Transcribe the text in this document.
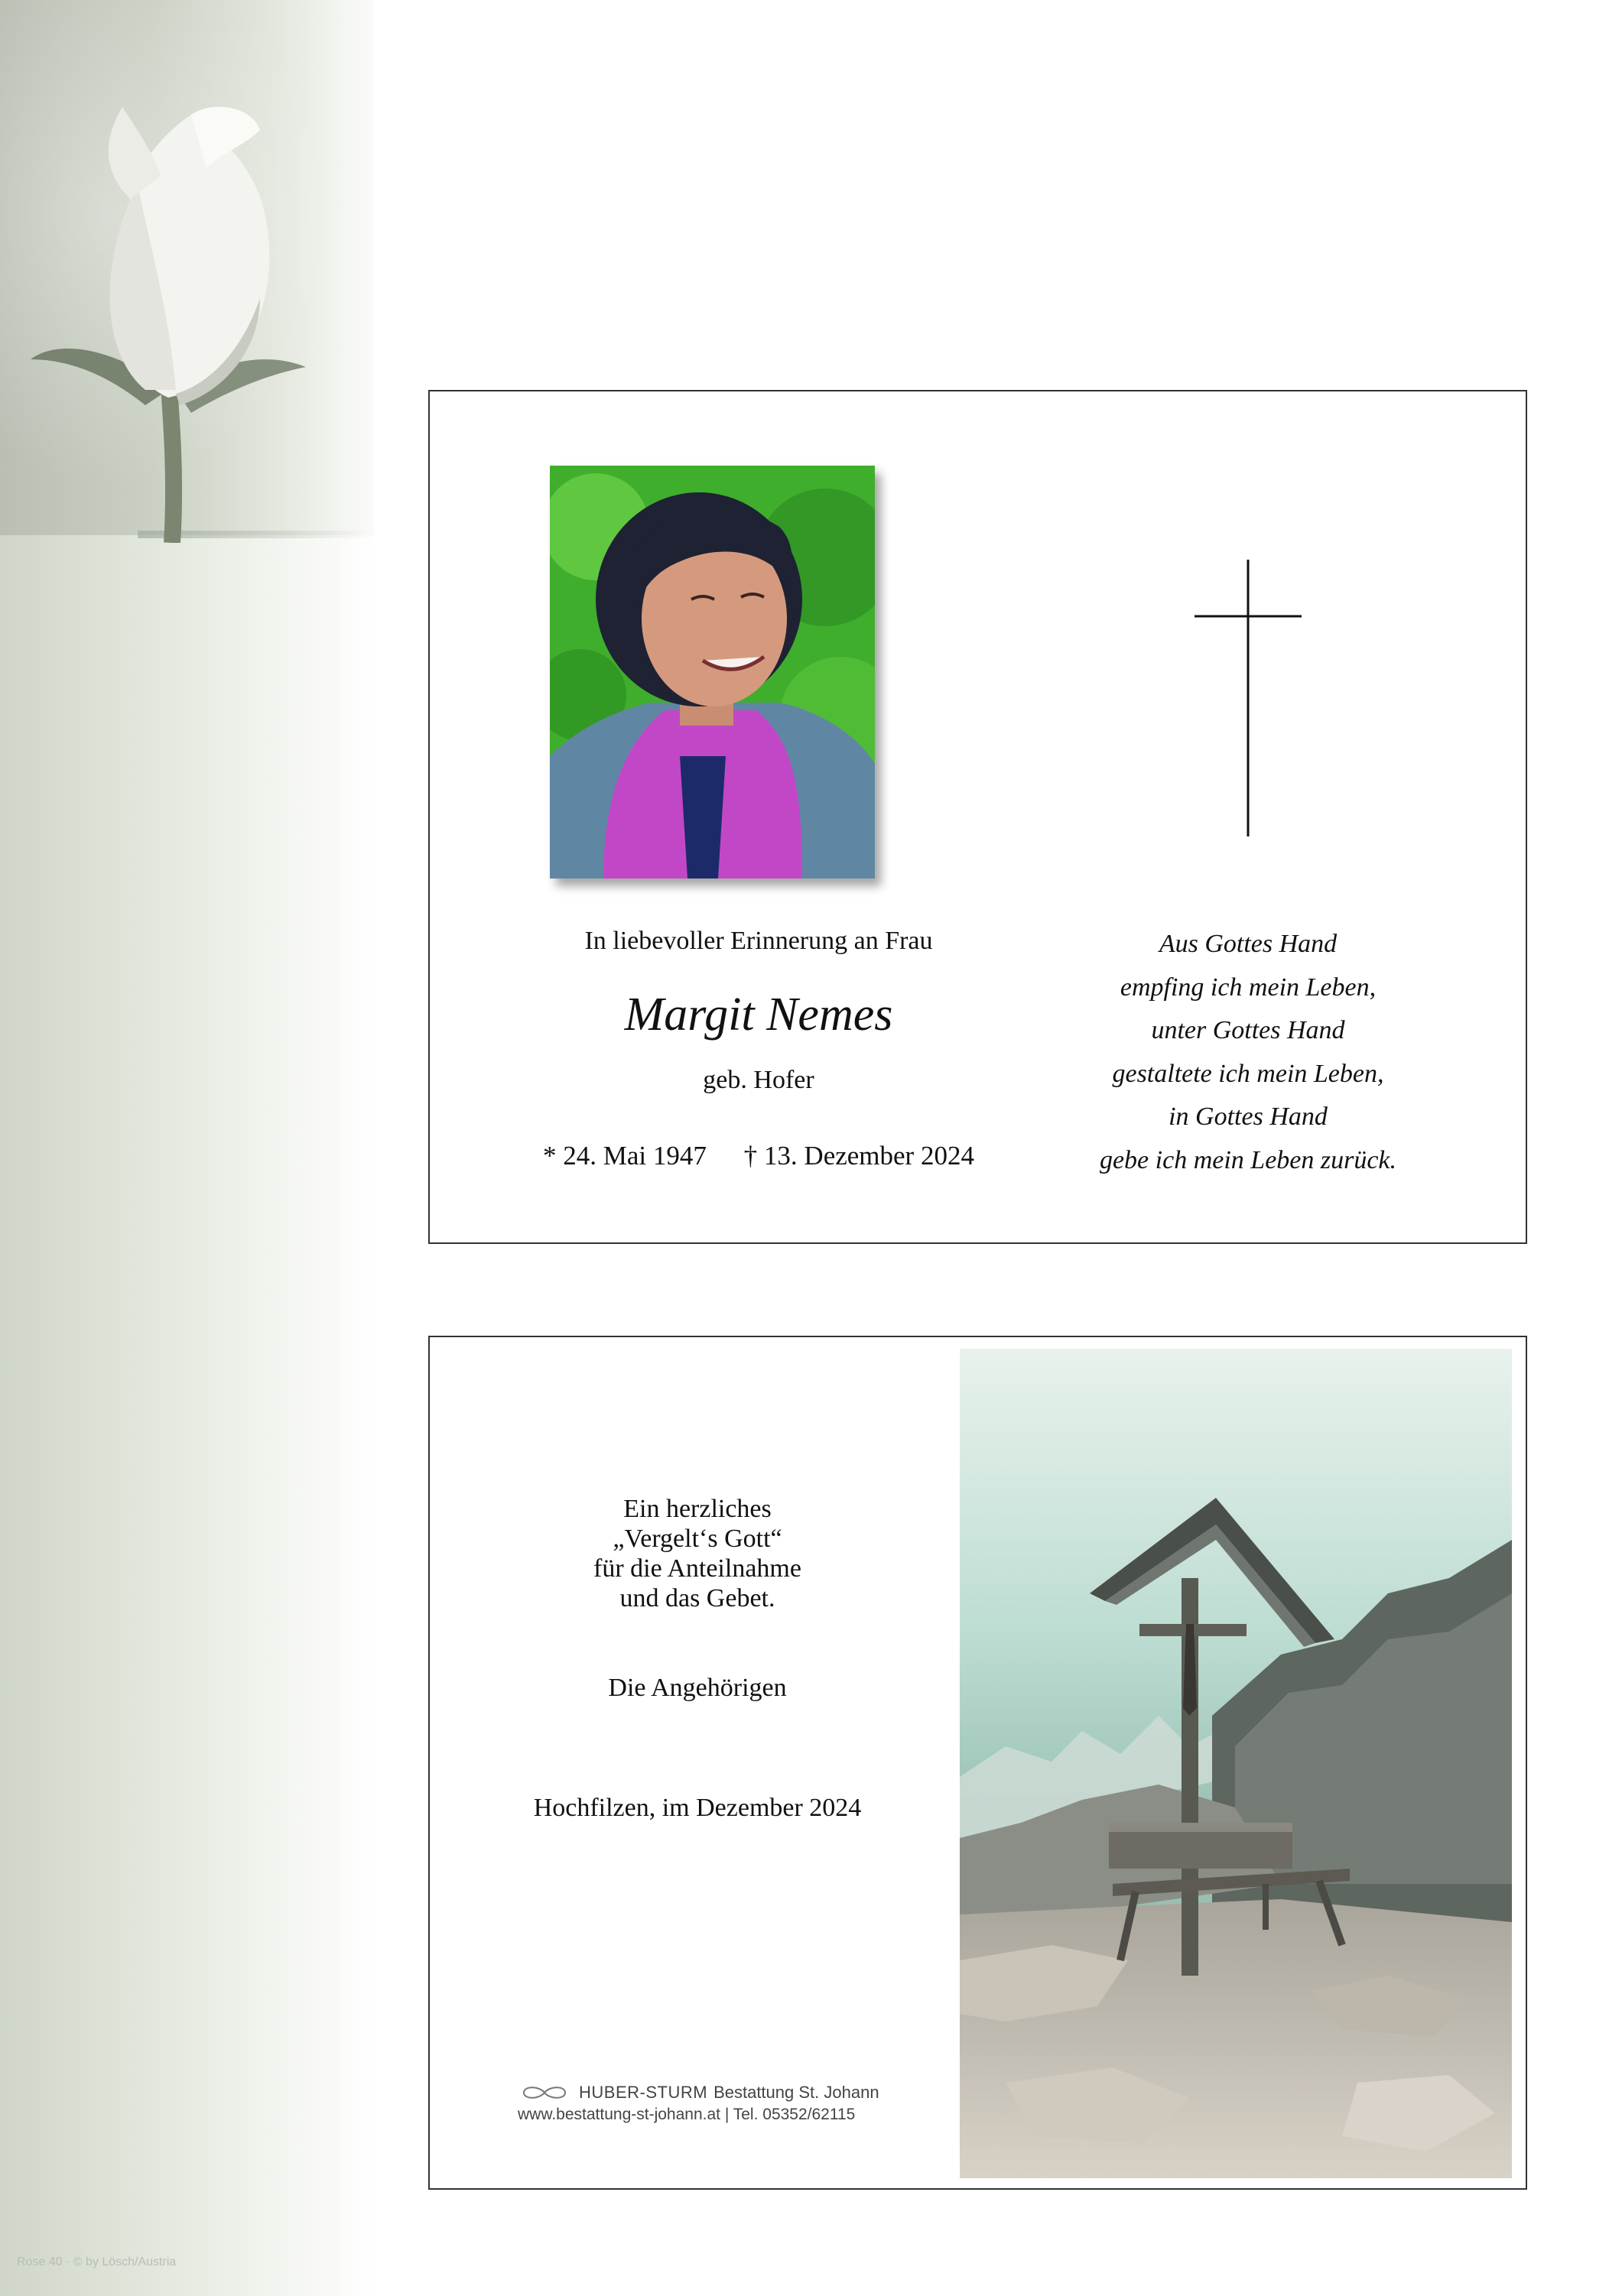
Rose 40 · © by Lösch/Austria
In liebevoller Erinnerung an Frau
Margit Nemes
geb. Hofer
* 24. Mai 1947 † 13. Dezember 2024
Aus Gottes Hand
empfing ich mein Leben,
unter Gottes Hand
gestaltete ich mein Leben,
in Gottes Hand
gebe ich mein Leben zurück.
Ein herzliches
„Vergelt‘s Gott“
für die Anteilnahme
und das Gebet.
Die Angehörigen
Hochfilzen, im Dezember 2024
HUBER-STURM Bestattung St. Johann
www.bestattung-st-johann.at | Tel. 05352/62115
